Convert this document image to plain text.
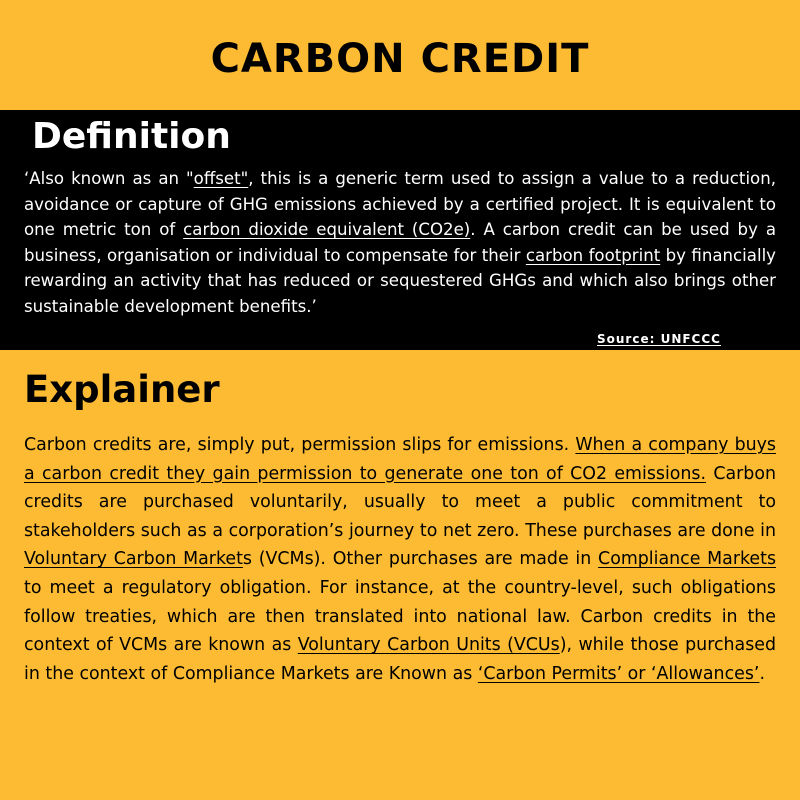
CARBON CREDIT
Definition

‘Also known as an "offset", this is a generic term used to assign a value to a reduction, avoidance or capture of GHG emissions achieved by a certified project. It is equivalent to one metric ton of carbon dioxide equivalent (CO2e). A carbon credit can be used by a business, organisation or individual to compensate for their carbon footprint by financially rewarding an activity that has reduced or sequestered GHGs and which also brings other sustainable development benefits.’

Source: UNFCCC
Explainer

Carbon credits are, simply put, permission slips for emissions. When a company buys a carbon credit they gain permission to generate one ton of CO2 emissions. Carbon credits are purchased voluntarily, usually to meet a public commitment to stakeholders such as a corporation’s journey to net zero. These purchases are done in Voluntary Carbon Markets (VCMs). Other purchases are made in Compliance Markets to meet a regulatory obligation. For instance, at the country-level, such obligations follow treaties, which are then translated into national law. Carbon credits in the context of VCMs are known as Voluntary Carbon Units (VCUs), while those purchased in the context of Compliance Markets are Known as ‘Carbon Permits’ or ‘Allowances’.
